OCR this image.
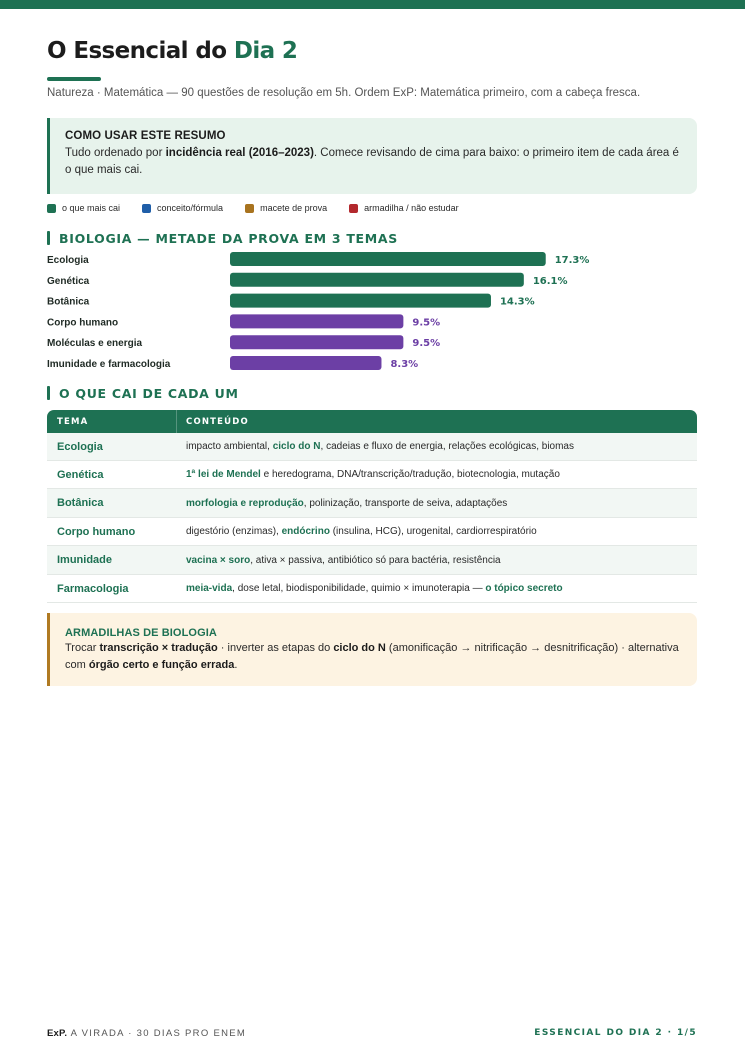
O Essencial do Dia 2

Natureza · Matemática — 90 questões de resolução em 5h. Ordem ExP: Matemática primeiro, com a cabeça fresca.

COMO USAR ESTE RESUMO
Tudo ordenado por incidência real (2016–2023). Comece revisando de cima para baixo: o primeiro item de cada área é o que mais cai.
o que mais cai	conceito/fórmula	macete de prova	armadilha / não estudar
BIOLOGIA — METADE DA PROVA EM 3 TEMAS
Ecologia	17.3%
Genética	16.1%
Botânica	14.3%
Corpo humano	9.5%
Moléculas e energia	9.5%
Imunidade e farmacologia	8.3%
O QUE CAI DE CADA UM
TEMA	CONTEÚDO
Ecologia	impacto ambiental, ciclo do N, cadeias e fluxo de energia, relações ecológicas, biomas
Genética	1ª lei de Mendel e heredograma, DNA/transcrição/tradução, biotecnologia, mutação
Botânica	morfologia e reprodução, polinização, transporte de seiva, adaptações
Corpo humano	digestório (enzimas), endócrino (insulina, HCG), urogenital, cardiorrespiratório
Imunidade	vacina × soro, ativa × passiva, antibiótico só para bactéria, resistência
Farmacologia	meia-vida, dose letal, biodisponibilidade, quimio × imunoterapia — o tópico secreto
ARMADILHAS DE BIOLOGIA
Trocar transcrição × tradução · inverter as etapas do ciclo do N (amonificação → nitrificação → desnitrificação) · alternativa com órgão certo e função errada.
ExP. A VIRADA · 30 DIAS PRO ENEM	ESSENCIAL DO DIA 2 · 1/5
